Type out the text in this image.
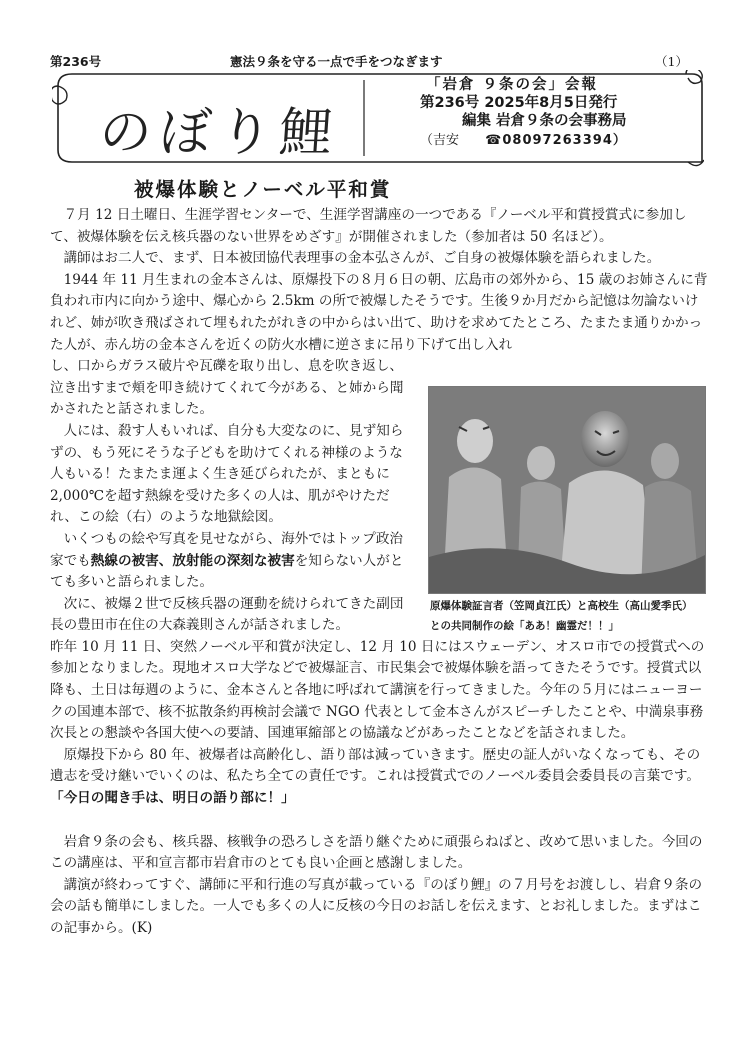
第236号	憲法９条を守る一点で手をつなぎます	（1）
のぼり鯉
「岩倉 ９条の会」会報
第236号 2025年8月5日発行
編集 岩倉９条の会事務局
（吉安 ☎08097263394）
被爆体験とノーベル平和賞
原爆体験証言者（笠岡貞江氏）と高校生（高山愛季氏）との共同制作の絵「ああ！幽霊だ！！」

７月 12 日土曜日、生涯学習センターで、生涯学習講座の一つである『ノーベル平和賞授賞式に参加して、被爆体験を伝え核兵器のない世界をめざす』が開催されました（参加者は 50 名ほど）。

講師はお二人で、まず、日本被団協代表理事の金本弘さんが、ご自身の被爆体験を語られました。

1944 年 11 月生まれの金本さんは、原爆投下の８月６日の朝、広島市の郊外から、15 歳のお姉さんに背負われ市内に向かう途中、爆心から 2.5km の所で被爆したそうです。生後９か月だから記憶は勿論ないけれど、姉が吹き飛ばされて埋もれたがれきの中からはい出て、助けを求めてたところ、たまたま通りかかった人が、赤ん坊の金本さんを近くの防火水槽に逆さまに吊り下げて出し入れ

し、口からガラス破片や瓦礫を取り出し、息を吹き返し、泣き出すまで頬を叩き続けてくれて今がある、と姉から聞かされたと話されました。

人には、殺す人もいれば、自分も大変なのに、見ず知らずの、もう死にそうな子どもを助けてくれる神様のような人もいる！たまたま運よく生き延びられたが、まともに 2,000℃を超す熱線を受けた多くの人は、肌がやけただれ、この絵（右）のような地獄絵図。

いくつもの絵や写真を見せながら、海外ではトップ政治家でも熱線の被害、放射能の深刻な被害を知らない人がとても多いと語られました。

次に、被爆２世で反核兵器の運動を続けられてきた副団長の豊田市在住の大森義則さんが話されました。

昨年 10 月 11 日、突然ノーベル平和賞が決定し、12 月 10 日にはスウェーデン、オスロ市での授賞式への参加となりました。現地オスロ大学などで被爆証言、市民集会で被爆体験を語ってきたそうです。授賞式以降も、土日は毎週のように、金本さんと各地に呼ばれて講演を行ってきました。今年の５月にはニューヨークの国連本部で、核不拡散条約再検討会議で NGO 代表として金本さんがスピーチしたことや、中満泉事務次長との懇談や各国大使への要請、国連軍縮部との協議などがあったことなどを話されました。

原爆投下から 80 年、被爆者は高齢化し、語り部は減っていきます。歴史の証人がいなくなっても、その遺志を受け継いでいくのは、私たち全ての責任です。これは授賞式でのノーベル委員会委員長の言葉です。「今日の聞き手は、明日の語り部に！」

岩倉９条の会も、核兵器、核戦争の恐ろしさを語り継ぐために頑張らねばと、改めて思いました。今回のこの講座は、平和宣言都市岩倉市のとても良い企画と感謝しました。

講演が終わってすぐ、講師に平和行進の写真が載っている『のぼり鯉』の７月号をお渡しし、岩倉９条の会の話も簡単にしました。一人でも多くの人に反核の今日のお話しを伝えます、とお礼しました。まずはこの記事から。(K)
